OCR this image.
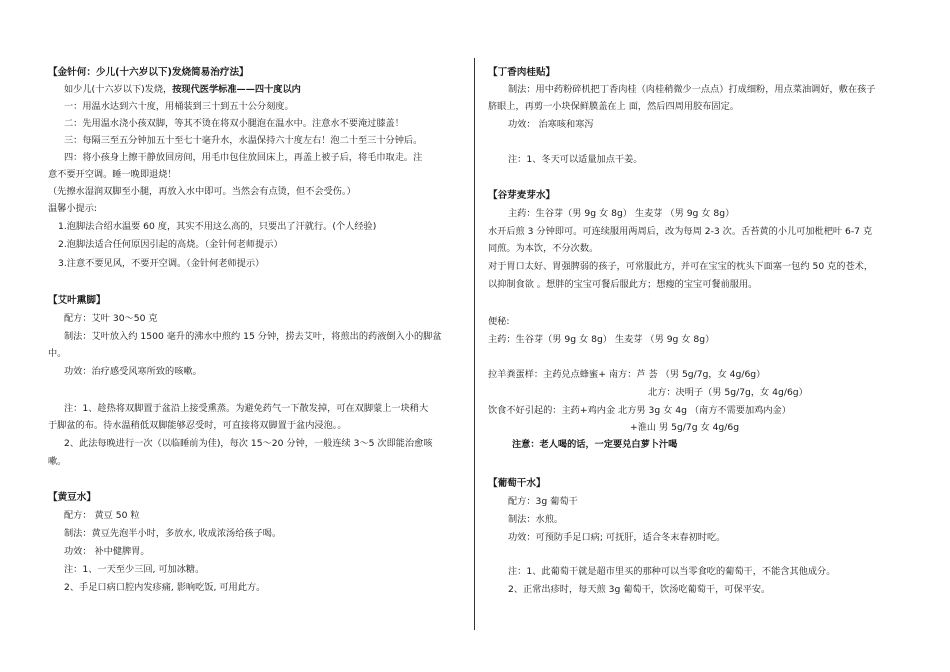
【金针何：少儿(十六岁以下)发烧简易治疗法】
如少儿(十六岁以下)发烧，按现代医学标准——四十度以内
一：用温水达到六十度，用桶装到三十到五十公分刻度。
二：先用温水浇小孩双脚，等其不烫在将双小腿泡在温水中。注意水不要淹过膝盖！
三：每隔三至五分钟加五十至七十毫升水，水温保持六十度左右！泡二十至三十分钟后。
四：将小孩身上擦干静放回房间，用毛巾包住放回床上，再盖上被子后，将毛巾取走。注
意不要开空调。睡一晚即退烧！
（先擦水湿润双脚至小腿，再放入水中即可。当然会有点烫，但不会受伤。）
温馨小提示:
1.泡脚法合绍水温要 60 度，其实不用这么高的，只要出了汗就行。(个人经验)
2.泡脚法适合任何原因引起的高烧。（金针何老师提示）
3.注意不要见风，不要开空调。（金针何老师提示）
【艾叶熏脚】
配方：艾叶 30～50 克
制法：艾叶放入约 1500 毫升的沸水中煎约 15 分钟，捞去艾叶，将煎出的药液倒入小的脚盆
中。
功效：治疗感受风寒所致的咳嗽。
注：1、趁热将双脚置于盆沿上接受熏蒸。为避免药气一下散发掉，可在双脚蒙上一块稍大
于脚盆的布。待水温稍低双脚能够忍受时，可直接将双脚置于盆内浸泡。。
2、此法每晚进行一次（以临睡前为佳)，每次 15～20 分钟，一般连续 3～5 次即能治愈咳
嗽。
【黄豆水】
配方： 黄豆 50 粒
制法：黄豆先泡半小时，多放水, 收成浓汤给孩子喝。
功效： 补中健脾胃。
注：1、一天至少三回, 可加冰糖。
2、手足口病口腔内发疹痛, 影响吃饭, 可用此方。
【丁香肉桂贴】
制法：用中药粉碎机把丁香肉桂（肉桂稍微少一点点）打成细粉，用点菜油调好，敷在孩子
脐眼上，再剪一小块保鲜膜盖在上 面，然后四周用胶布固定。
功效： 治寒咳和寒泻
注：1、冬天可以适量加点干姜。
【谷芽麦芽水】
主药：生谷芽（男 9g 女 8g） 生麦芽 （男 9g 女 8g）
水开后煎 3 分钟即可。可连续服用两周后，改为每周 2-3 次。舌苔黄的小儿可加枇杷叶 6-7 克
同煎。为本饮，不分次数。
对于胃口太好、胃强脾弱的孩子，可常服此方，并可在宝宝的枕头下面塞一包约 50 克的苍术，
以抑制食欲 。想胖的宝宝可餐后服此方；想瘦的宝宝可餐前服用。
便秘:
主药：生谷芽（男 9g 女 8g） 生麦芽 （男 9g 女 8g）
拉羊粪蛋样：主药兑点蜂蜜+ 南方：芦 荟 （男 5g/7g，女 4g/6g）
北方：决明子（男 5g/7g，女 4g/6g）
饮食不好引起的：主药+鸡内金 北方男 3g 女 4g （南方不需要加鸡内金）
+淮山 男 5g/7g 女 4g/6g
注意：老人喝的话，一定要兑白萝卜汁喝
【葡萄干水】
配方：3g 葡萄干
制法：水煎。
功效：可预防手足口病; 可抚肝，适合冬末春初时吃。
注：1、此葡萄干就是超市里买的那种可以当零食吃的葡萄干，不能含其他成分。
2、正常出疹时，每天煎 3g 葡萄干，饮汤吃葡萄干，可保平安。
